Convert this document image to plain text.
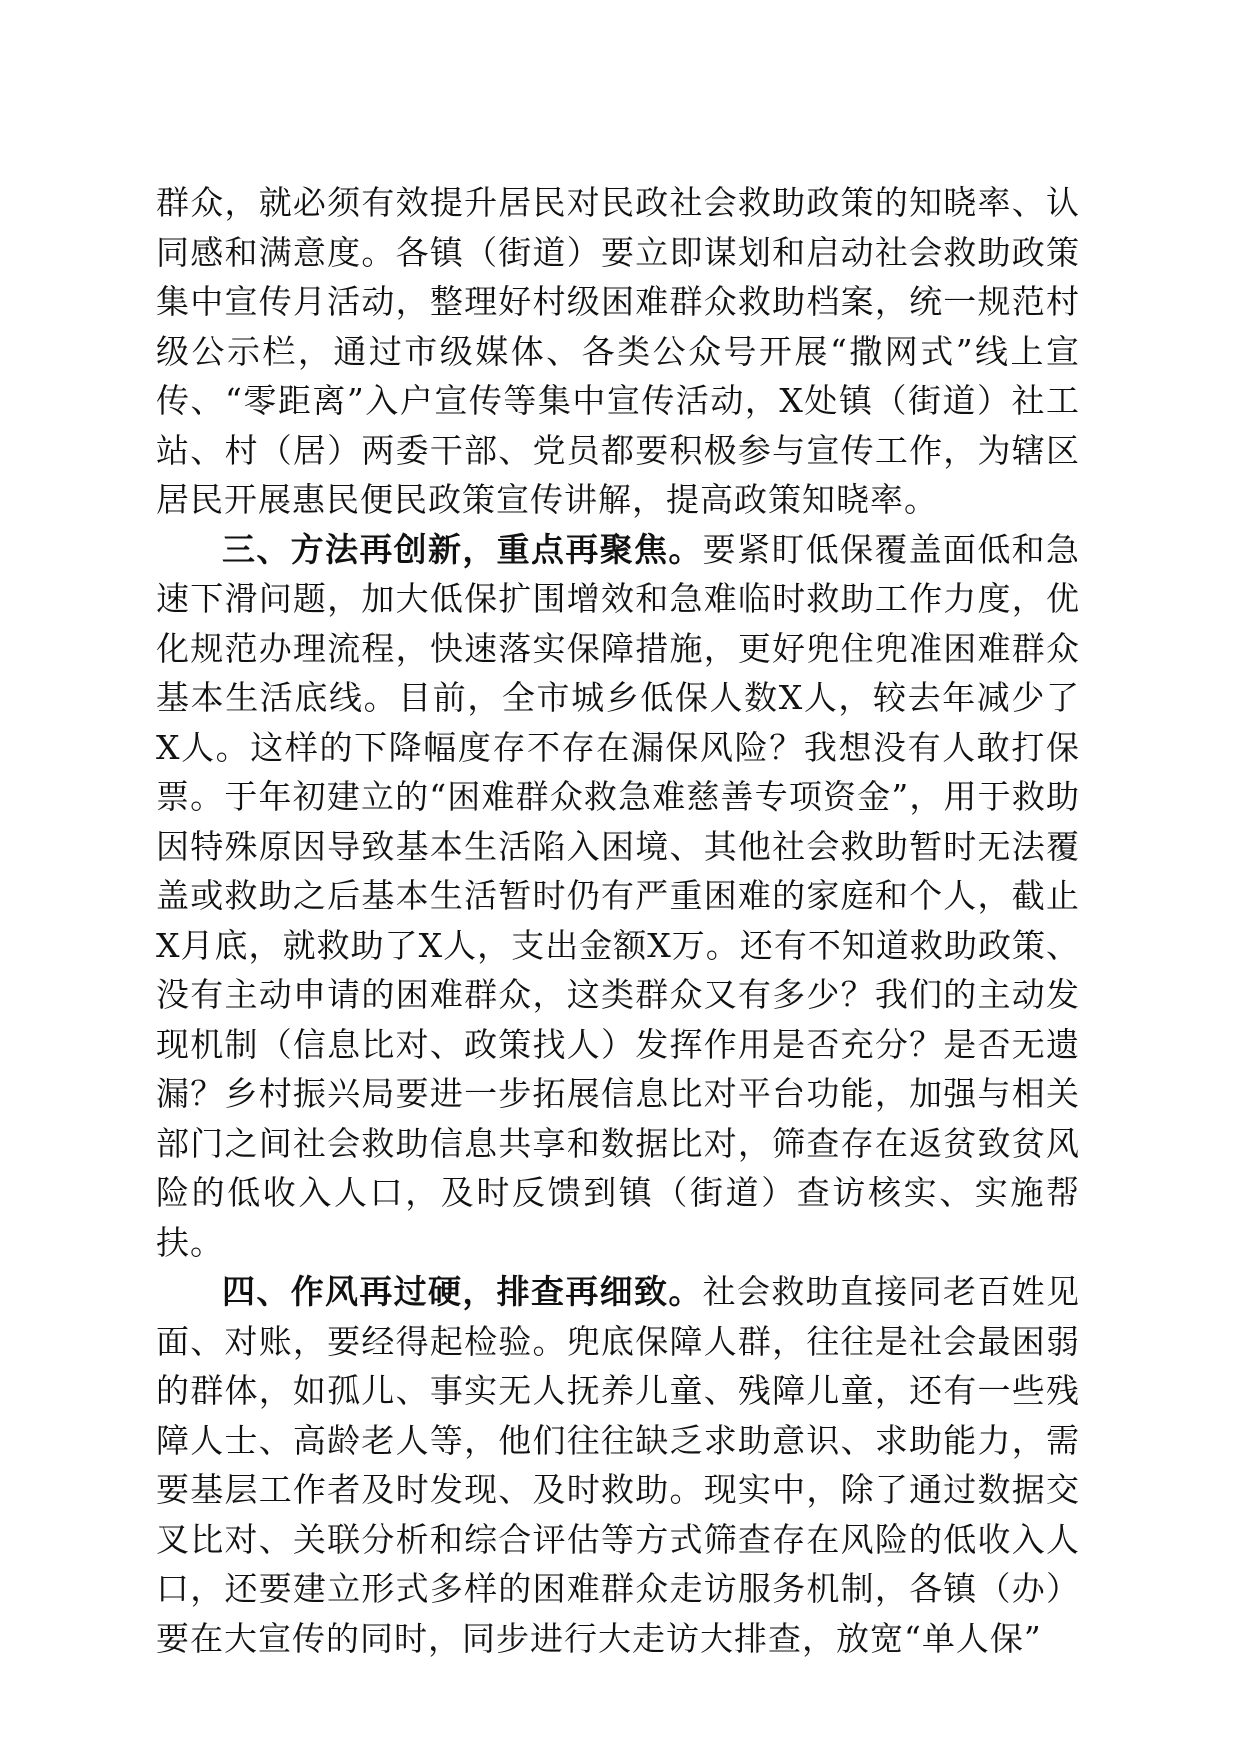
群众，就必须有效提升居民对民政社会救助政策的知晓率、认同感和满意度。各镇（街道）要立即谋划和启动社会救助政策集中宣传月活动，整理好村级困难群众救助档案，统一规范村级公示栏，通过市级媒体、各类公众号开展“撒网式”线上宣传、“零距离”入户宣传等集中宣传活动，X处镇（街道）社工站、村（居）两委干部、党员都要积极参与宣传工作，为辖区居民开展惠民便民政策宣传讲解，提高政策知晓率。

三、方法再创新，重点再聚焦。要紧盯低保覆盖面低和急速下滑问题，加大低保扩围增效和急难临时救助工作力度，优化规范办理流程，快速落实保障措施，更好兜住兜准困难群众基本生活底线。目前，全市城乡低保人数X人，较去年减少了X人。这样的下降幅度存不存在漏保风险？我想没有人敢打保票。于年初建立的“困难群众救急难慈善专项资金”，用于救助因特殊原因导致基本生活陷入困境、其他社会救助暂时无法覆盖或救助之后基本生活暂时仍有严重困难的家庭和个人，截止X月底，就救助了X人，支出金额X万。还有不知道救助政策、没有主动申请的困难群众，这类群众又有多少？我们的主动发现机制（信息比对、政策找人）发挥作用是否充分？是否无遗漏？乡村振兴局要进一步拓展信息比对平台功能，加强与相关部门之间社会救助信息共享和数据比对，筛查存在返贫致贫风险的低收入人口，及时反馈到镇（街道）查访核实、实施帮扶。

四、作风再过硬，排查再细致。社会救助直接同老百姓见面、对账，要经得起检验。兜底保障人群，往往是社会最困弱的群体，如孤儿、事实无人抚养儿童、残障儿童，还有一些残障人士、高龄老人等，他们往往缺乏求助意识、求助能力，需要基层工作者及时发现、及时救助。现实中，除了通过数据交叉比对、关联分析和综合评估等方式筛查存在风险的低收入人口，还要建立形式多样的困难群众走访服务机制，各镇（办）要在大宣传的同时，同步进行大走访大排查，放宽“单人保”
